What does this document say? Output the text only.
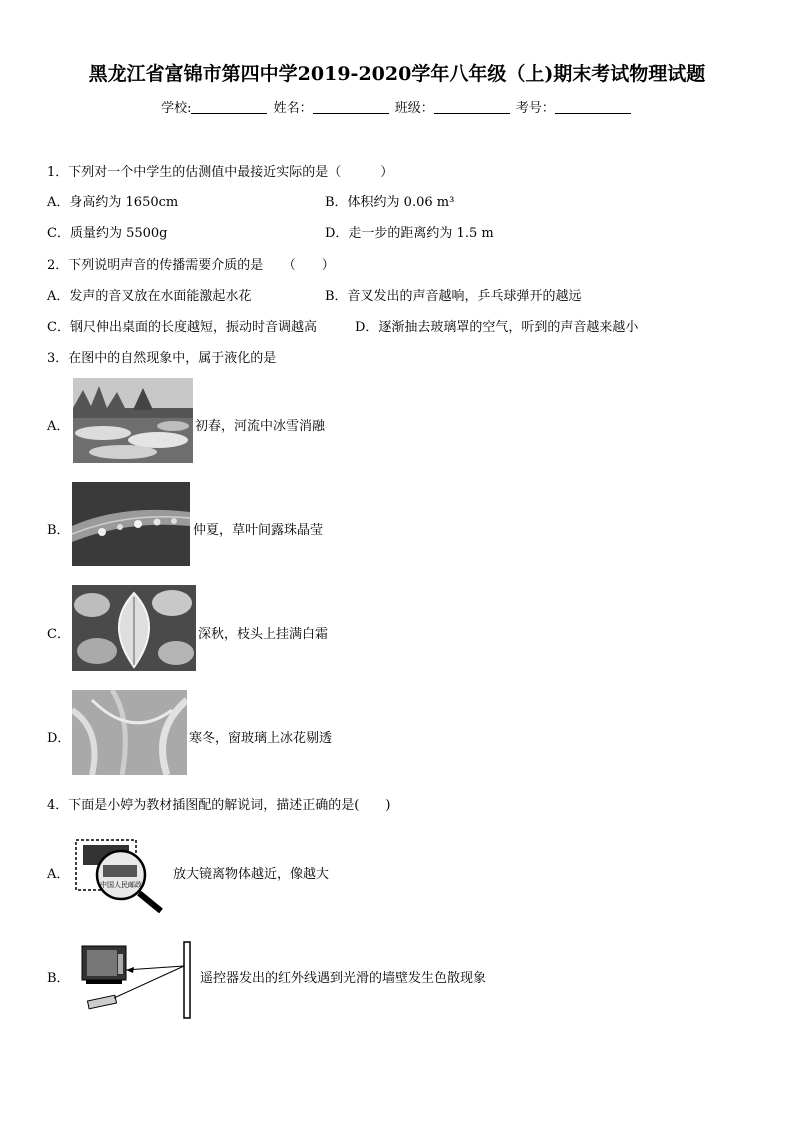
黑龙江省富锦市第四中学2019-2020学年八年级（上)期末考试物理试题
学校:	姓名：	班级：	考号：
1．下列对一个中学生的估测值中最接近实际的是（　　　）
A．身高约为 1650cm	B．体积约为 0.06 m³
C．质量约为 5500g	D．走一步的距离约为 1.5 m
2．下列说明声音的传播需要介质的是　　（　　）
A．发声的音叉放在水面能激起水花	B．音叉发出的声音越响，乒乓球弹开的越远
C．钢尺伸出桌面的长度越短，振动时音调越高	D．逐渐抽去玻璃罩的空气，听到的声音越来越小
3．在图中的自然现象中，属于液化的是
A．	初春，河流中冰雪消融
B．	仲夏，草叶间露珠晶莹
C．	深秋，枝头上挂满白霜
D．	寒冬，窗玻璃上冰花剔透
4．下面是小婷为教材插图配的解说词，描述正确的是(　　)
A．
中国人民邮政
放大镜离物体越近，像越大
B．	遥控器发出的红外线遇到光滑的墙壁发生色散现象
